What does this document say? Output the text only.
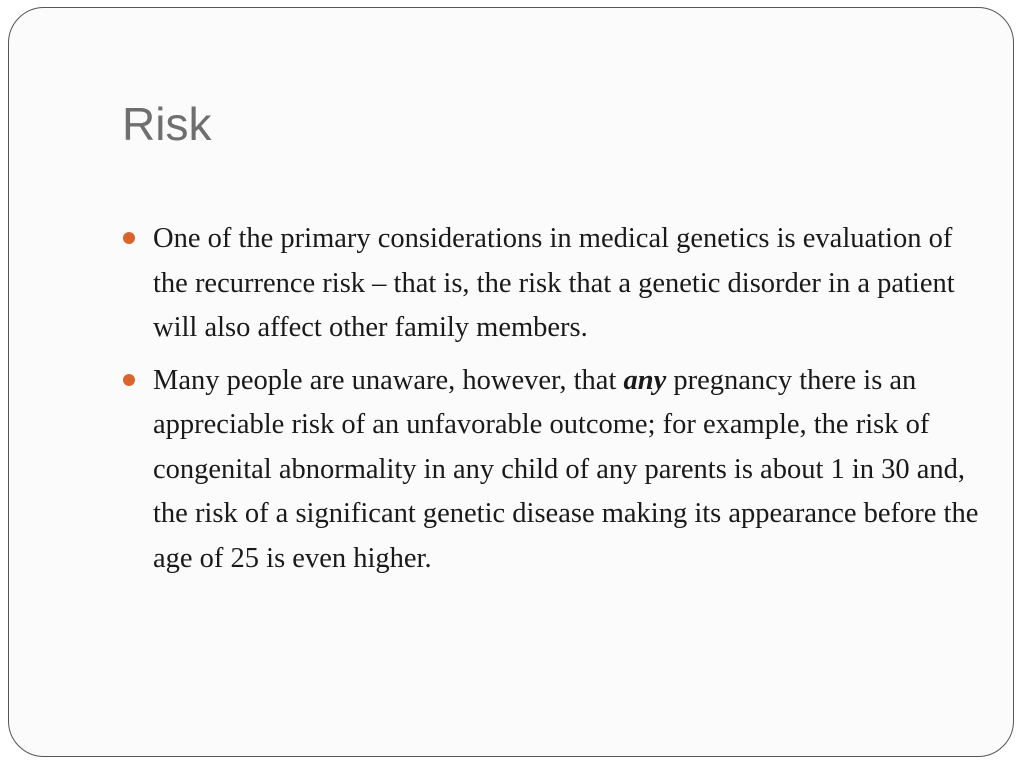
Risk
One of the primary considerations in medical genetics is evaluation of the recurrence risk – that is, the risk that a genetic disorder in a patient will also affect other family members.
Many people are unaware, however, that any pregnancy there is an appreciable risk of an unfavorable outcome; for example, the risk of congenital abnormality in any child of any parents is about 1 in 30 and, the risk of a significant genetic disease making its appearance before the age of 25 is even higher.
